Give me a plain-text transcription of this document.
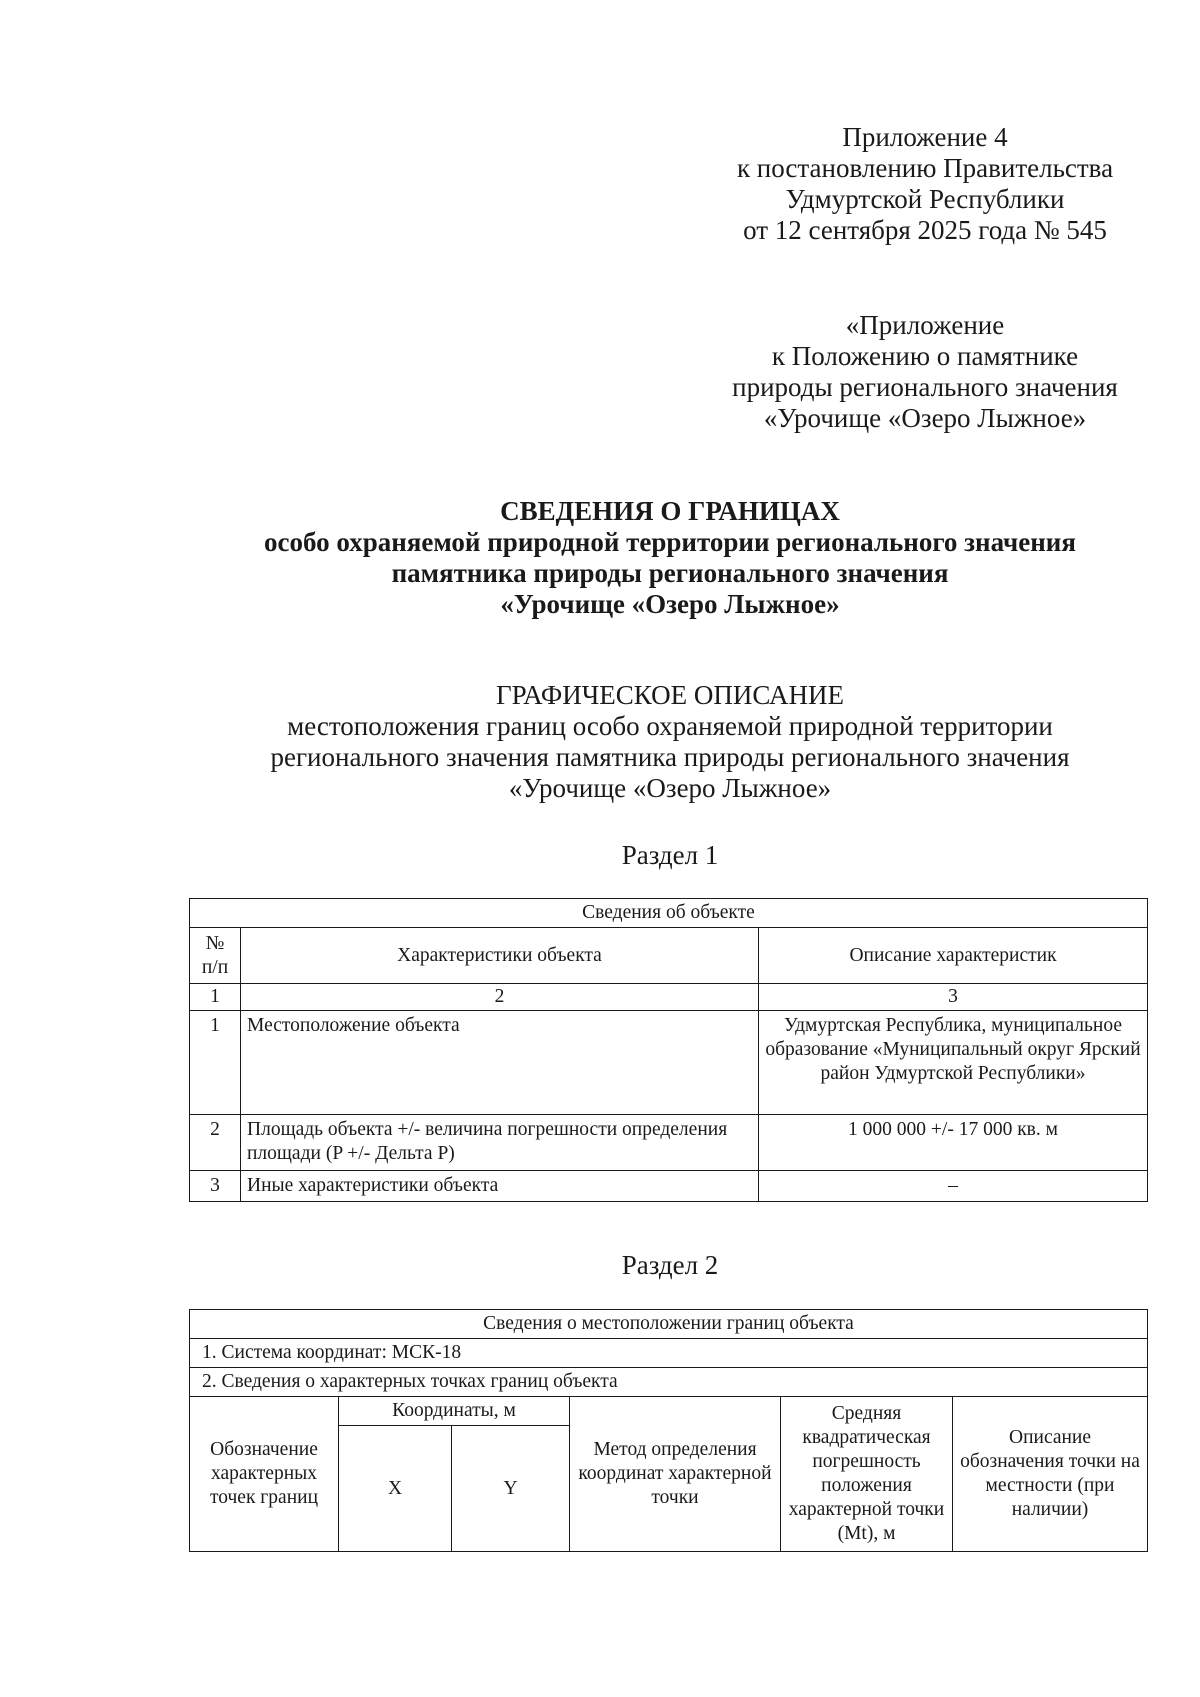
Приложение 4
к постановлению Правительства
Удмуртской Республики
от 12 сентября 2025 года № 545
«Приложение
к Положению о памятнике
природы регионального значения
«Урочище «Озеро Лыжное»
СВЕДЕНИЯ О ГРАНИЦАХ
особо охраняемой природной территории регионального значения
памятника природы регионального значения
«Урочище «Озеро Лыжное»
ГРАФИЧЕСКОЕ ОПИСАНИЕ
местоположения границ особо охраняемой природной территории
регионального значения памятника природы регионального значения
«Урочище «Озеро Лыжное»
Раздел 1
Сведения об объекте		
№ п/п	Характеристики объекта	Описание характеристик
1	2	3
1	Местоположение объекта	Удмуртская Республика, муниципальное образование «Муниципальный округ Ярский район Удмуртской Республики»
2	Площадь объекта +/- величина погрешности определения площади (P +/- Дельта P)	1 000 000 +/- 17 000 кв. м
3	Иные характеристики объекта	–
Раздел 2
Сведения о местоположении границ объекта					
1. Система координат: МСК-18					
2. Сведения о характерных точках границ объекта					
Обозначение характерных точек границ	Координаты, м		Метод определения координат характерной точки	Средняя квадратическая погрешность положения характерной точки (Mt), м	Описание обозначения точки на местности (при наличии)
	X	Y			
